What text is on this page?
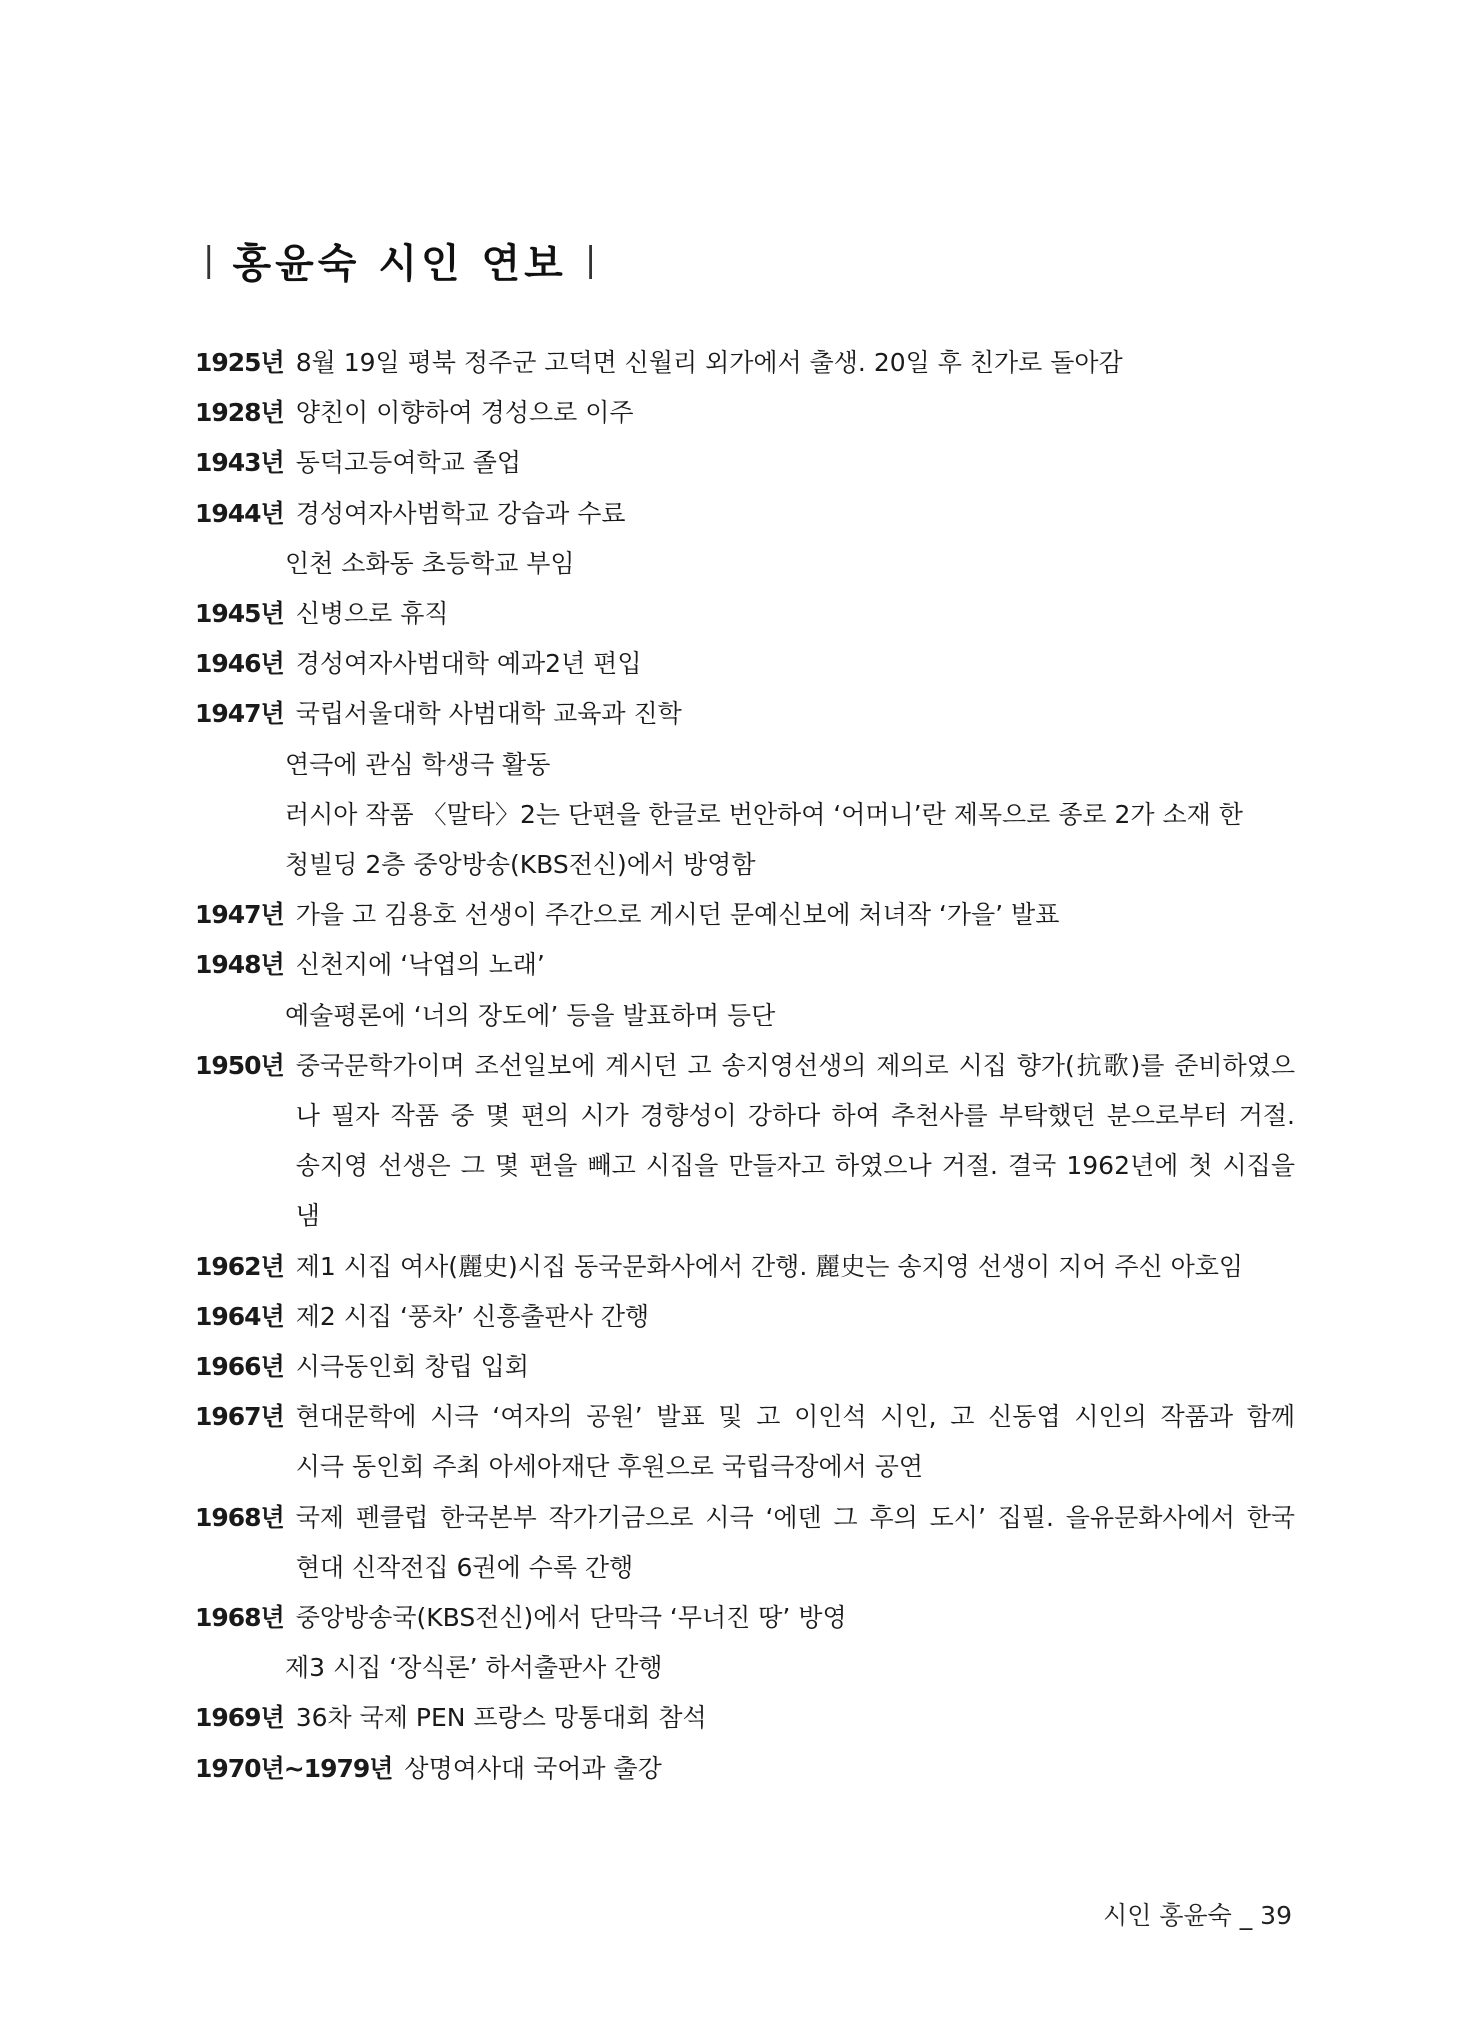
| 홍윤숙 시인 연보 |
1925년 8월 19일 평북 정주군 고덕면 신월리 외가에서 출생. 20일 후 친가로 돌아감
1928년 양친이 이향하여 경성으로 이주
1943년 동덕고등여학교 졸업
1944년 경성여자사범학교 강습과 수료
인천 소화동 초등학교 부임
1945년 신병으로 휴직
1946년 경성여자사범대학 예과2년 편입
1947년 국립서울대학 사범대학 교육과 진학
연극에 관심 학생극 활동
러시아 작품 〈말타〉2는 단편을 한글로 번안하여 ‘어머니’란 제목으로 종로 2가 소재 한
청빌딩 2층 중앙방송(KBS전신)에서 방영함
1947년 가을 고 김용호 선생이 주간으로 게시던 문예신보에 처녀작 ‘가을’ 발표
1948년 신천지에 ‘낙엽의 노래’
예술평론에 ‘너의 장도에’ 등을 발표하며 등단
1950년 중국문학가이며 조선일보에 계시던 고 송지영선생의 제의로 시집 향가(抗歌)를 준비하였으
나 필자 작품 중 몇 편의 시가 경향성이 강하다 하여 추천사를 부탁했던 분으로부터 거절.
송지영 선생은 그 몇 편을 빼고 시집을 만들자고 하였으나 거절. 결국 1962년에 첫 시집을
냄
1962년 제1 시집 여사(麗史)시집 동국문화사에서 간행. 麗史는 송지영 선생이 지어 주신 아호임
1964년 제2 시집 ‘풍차’ 신흥출판사 간행
1966년 시극동인회 창립 입회
1967년 현대문학에 시극 ‘여자의 공원’ 발표 및 고 이인석 시인, 고 신동엽 시인의 작품과 함께
시극 동인회 주최 아세아재단 후원으로 국립극장에서 공연
1968년 국제 펜클럽 한국본부 작가기금으로 시극 ‘에덴 그 후의 도시’ 집필. 을유문화사에서 한국
현대 신작전집 6권에 수록 간행
1968년 중앙방송국(KBS전신)에서 단막극 ‘무너진 땅’ 방영
제3 시집 ‘장식론’ 하서출판사 간행
1969년 36차 국제 PEN 프랑스 망통대회 참석
1970년~1979년 상명여사대 국어과 출강
시인 홍윤숙 _ 39
